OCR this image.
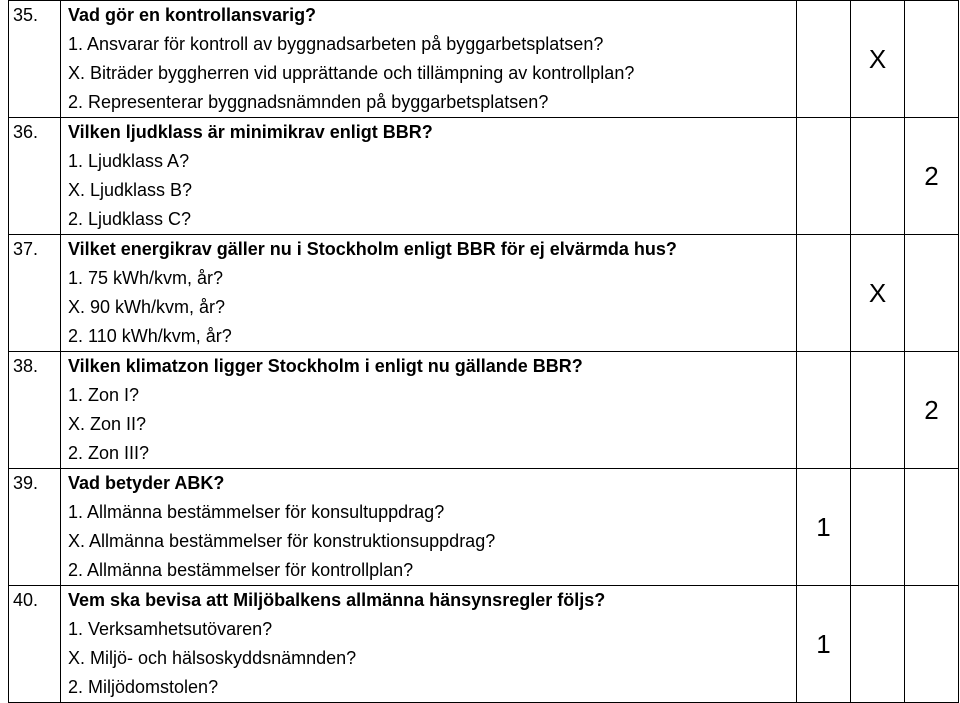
35.	Vad gör en kontrollansvarig?
1. Ansvarar för kontroll av byggnadsarbeten på byggarbetsplatsen?
X. Biträder byggherren vid upprättande och tillämpning av kontrollplan?
2. Representerar byggnadsnämnden på byggarbetsplatsen?		X	

36.	Vilken ljudklass är minimikrav enligt BBR?
1. Ljudklass A?
X. Ljudklass B?
2. Ljudklass C?			2

37.	Vilket energikrav gäller nu i Stockholm enligt BBR för ej elvärmda hus?
1. 75 kWh/kvm, år?
X. 90 kWh/kvm, år?
2. 110 kWh/kvm, år?		X	

38.	Vilken klimatzon ligger Stockholm i enligt nu gällande BBR?
1. Zon I?
X. Zon II?
2. Zon III?			2

39.	Vad betyder ABK?
1. Allmänna bestämmelser för konsultuppdrag?
X. Allmänna bestämmelser för konstruktionsuppdrag?
2. Allmänna bestämmelser för kontrollplan?	1		

40.	Vem ska bevisa att Miljöbalkens allmänna hänsynsregler följs?
1. Verksamhetsutövaren?
X. Miljö- och hälsoskyddsnämnden?
2. Miljödomstolen?	1		
